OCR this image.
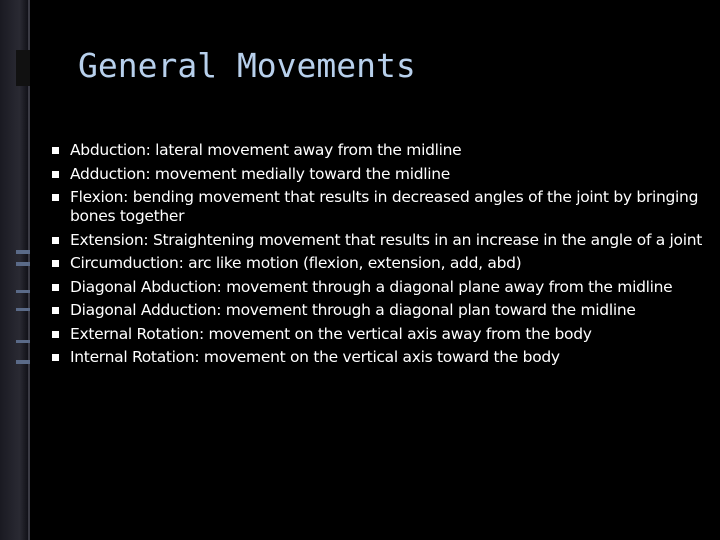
General Movements
Abduction: lateral movement away from the midline
Adduction: movement medially toward the midline
Flexion: bending movement that results in decreased angles of the joint by bringing bones together
Extension: Straightening movement that results in an increase in the angle of a joint
Circumduction: arc like motion (flexion, extension, add, abd)
Diagonal Abduction: movement through a diagonal plane away from the midline
Diagonal Adduction: movement through a diagonal plan toward the midline
External Rotation: movement on the vertical axis away from the body
Internal Rotation: movement on the vertical axis toward the body
